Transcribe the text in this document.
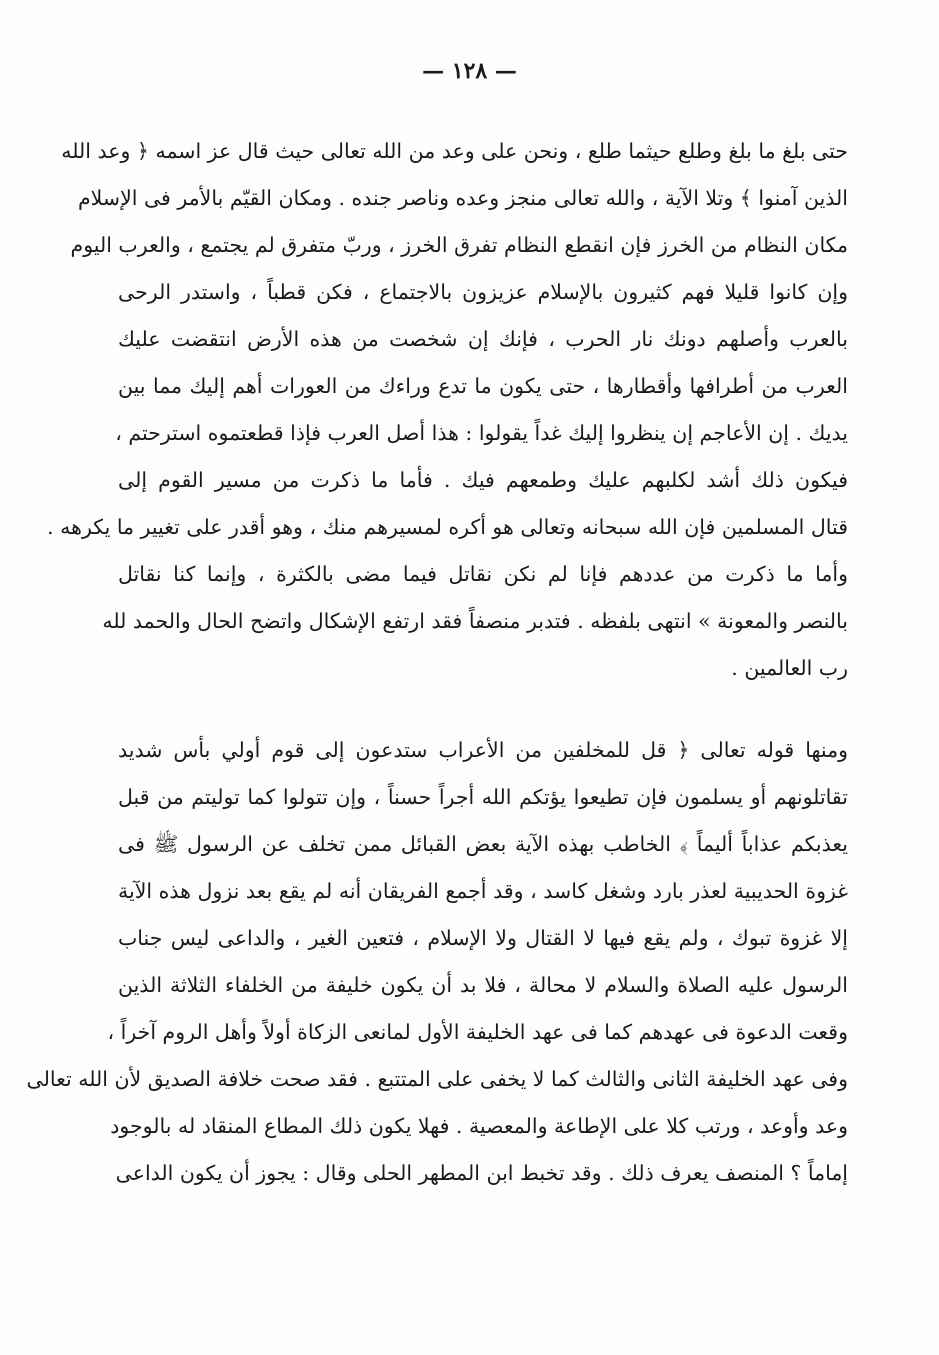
— ١٢٨ —
حتى بلغ ما بلغ وطلع حيثما طلع ، ونحن على وعد من الله تعالى حيث قال عز اسمه ﴿ وعد الله
الذين آمنوا ﴾ وتلا الآية ، والله تعالى منجز وعده وناصر جنده . ومكان القيّم بالأمر فى الإسلام
مكان النظام من الخرز فإن انقطع النظام تفرق الخرز ، وربّ متفرق لم يجتمع ، والعرب اليوم
وإن كانوا قليلا فهم كثيرون بالإسلام عزيزون بالاجتماع ، فكن قطباً ، واستدر الرحى
بالعرب وأصلهم دونك نار الحرب ، فإنك إن شخصت من هذه الأرض انتقضت عليك
العرب من أطرافها وأقطارها ، حتى يكون ما تدع وراءك من العورات أهم إليك مما بين
يديك . إن الأعاجم إن ينظروا إليك غداً يقولوا : هذا أصل العرب فإذا قطعتموه استرحتم ،
فيكون ذلك أشد لكلبهم عليك وطمعهم فيك . فأما ما ذكرت من مسير القوم إلى
قتال المسلمين فإن الله سبحانه وتعالى هو أكره لمسيرهم منك ، وهو أقدر على تغيير ما يكرهه .
وأما ما ذكرت من عددهم فإنا لم نكن نقاتل فيما مضى بالكثرة ، وإنما كنا نقاتل
بالنصر والمعونة » انتهى بلفظه . فتدبر منصفاً فقد ارتفع الإشكال واتضح الحال والحمد لله
رب العالمين .
ومنها قوله تعالى ﴿ قل للمخلفين من الأعراب ستدعون إلى قوم أولي بأس شديد
تقاتلونهم أو يسلمون فإن تطيعوا يؤتكم الله أجراً حسناً ، وإن تتولوا كما توليتم من قبل
يعذبكم عذاباً أليماً ﴾ الخاطب بهذه الآية بعض القبائل ممن تخلف عن الرسول ﷺ فى
غزوة الحديبية لعذر بارد وشغل كاسد ، وقد أجمع الفريقان أنه لم يقع بعد نزول هذه الآية
إلا غزوة تبوك ، ولم يقع فيها لا القتال ولا الإسلام ، فتعين الغير ، والداعى ليس جناب
الرسول عليه الصلاة والسلام لا محالة ، فلا بد أن يكون خليفة من الخلفاء الثلاثة الذين
وقعت الدعوة فى عهدهم كما فى عهد الخليفة الأول لمانعى الزكاة أولاً وأهل الروم آخراً ،
وفى عهد الخليفة الثانى والثالث كما لا يخفى على المتتبع . فقد صحت خلافة الصديق لأن الله تعالى
وعد وأوعد ، ورتب كلا على الإطاعة والمعصية . فهلا يكون ذلك المطاع المنقاد له بالوجود
إماماً ؟ المنصف يعرف ذلك . وقد تخبط ابن المطهر الحلى وقال : يجوز أن يكون الداعى
